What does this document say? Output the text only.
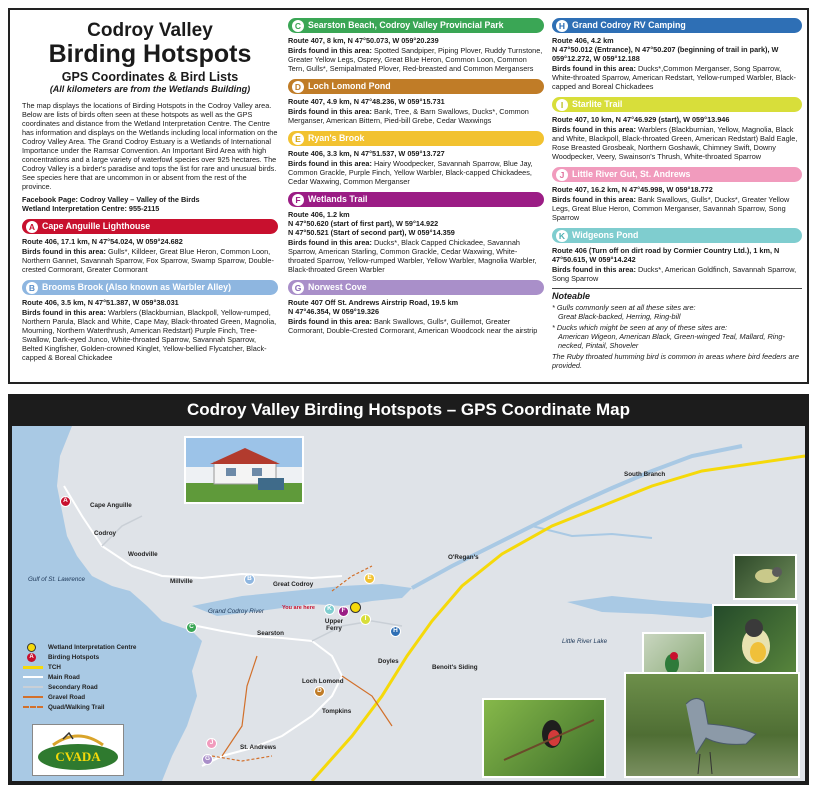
Codroy Valley
Birding Hotspots
GPS Coordinates & Bird Lists
(All kilometers are from the Wetlands Building)
The map displays the locations of Birding Hotspots in the Codroy Valley area. Below are lists of birds often seen at these hotspots as well as the GPS coordinates and distance from the Wetland Interpretation Centre. The Centre has information and displays on the Wetlands including local information on the Codroy Valley Area. The Grand Codroy Estuary is a Wetlands of International Importance under the Ramsar Convention. An Important Bird Area with high concentrations and a large variety of waterfowl species over 925 hectares. The Codroy Valley is a birder's paradise and tops the list for rare and unusual birds. See species here that are uncommon in or absent from the rest of the province.
Facebook Page: Codroy Valley – Valley of the Birds
Wetland Interpretation Centre: 955-2115
A Cape Anguille Lighthouse
Route 406, 17.1 km, N 47°54.024, W 059°24.682
Birds found in this area: Gulls*, Killdeer, Great Blue Heron, Common Loon, Northern Gannet, Savannah Sparrow, Fox Sparrow, Swamp Sparrow, Double-crested Cormorant, Greater Cormorant
B Brooms Brook (Also known as Warbler Alley)
Route 406, 3.5 km, N 47°51.387, W 059°38.031
Birds found in this area: Warblers (Blackburnian, Blackpoll, Yellow-rumped, Northern Parula, Black and White, Cape May, Black-throated Green, Magnolia, Mourning, Northern Waterthrush, American Redstart) Purple Finch, Tree-Swallow, Dark-eyed Junco, White-throated Sparrow, Savannah Sparrow, Belted Kingfisher, Golden-crowned Kinglet, Yellow-bellied Flycatcher, Black-capped & Boreal Chickadee
C Searston Beach, Codroy Valley Provincial Park
Route 407, 8 km, N 47°50.073, W 059°20.239
Birds found in this area: Spotted Sandpiper, Piping Plover, Ruddy Turnstone, Greater Yellow Legs, Osprey, Great Blue Heron, Common Loon, Common Tern, Gulls*, Semipalmated Plover, Red-breasted and Common Mergansers
D Loch Lomond Pond
Route 407, 4.9 km, N 47°48.236, W 059°15.731
Birds found in this area: Bank, Tree, & Barn Swallows, Ducks*, Common Merganser, American Bittern, Pied-bill Grebe, Cedar Waxwings
E Ryan's Brook
Route 406, 3.3 km, N 47°51.537, W 059°13.727
Birds found in this area: Hairy Woodpecker, Savannah Sparrow, Blue Jay, Common Grackle, Purple Finch, Yellow Warbler, Black-capped Chickadees, Cedar Waxwing, Common Merganser
F Wetlands Trail
Route 406, 1.2 km
N 47°50.620 (start of first part), W 59°14.922
N 47°50.521 (Start of second part), W 059°14.359
Birds found in this area: Ducks*, Black Capped Chickadee, Savannah Sparrow, American Starling, Common Grackle, Cedar Waxwing, White-throated Sparrow, Yellow-rumped Warbler, Yellow Warbler, Magnolia Warbler, Black-throated Green Warbler
G Norwest Cove
Route 407 Off St. Andrews Airstrip Road, 19.5 km
N 47°46.354, W 059°19.326
Birds found in this area: Bank Swallows, Gulls*, Guillemot, Greater Cormorant, Double-Crested Cormorant, American Woodcock near the airstrip
H Grand Codroy RV Camping
Route 406, 4.2 km
N 47°50.012 (Entrance), N 47°50.207 (beginning of trail in park), W 059°12.272, W 059°12.188
Birds found in this area: Ducks*,Common Merganser, Song Sparrow, White-throated Sparrow, American Redstart, Yellow-rumped Warbler, Black-capped and Boreal Chickadees
I	Starlite Trail
Route 407, 10 km, N 47°46.929 (start), W 059°13.946
Birds found in this area: Warblers (Blackburnian, Yellow, Magnolia, Black and White, Blackpoll, Black-throated Green, American Redstart) Bald Eagle, Rose Breasted Grosbeak, Northern Goshawk, Chimney Swift, Downy Woodpecker, Veery, Swainson's Thrush, White-throated Sparrow
J Little River Gut, St. Andrews
Route 407, 16.2 km, N 47°45.998, W 059°18.772
Birds found in this area: Bank Swallows, Gulls*, Ducks*, Greater Yellow Legs, Great Blue Heron, Common Merganser, Savannah Sparrow, Song Sparrow
K Widgeons Pond
Route 406 (Turn off on dirt road by Cormier Country Ltd.), 1 km, N 47°50.615, W 059°14.242
Birds found in this area: Ducks*, American Goldfinch, Savannah Sparrow, Song Sparrow
Noteable
* Gulls commonly seen at all these sites are:
Great Black-backed, Herring, Ring-bill
* Ducks which might be seen at any of these sites are:
American Wigeon, American Black, Green-winged Teal, Mallard, Ring-necked, Pintail, Shoveler
The Ruby throated humming bird is common in areas where bird feeders are provided.
Codroy Valley Birding Hotspots – GPS Coordinate Map
Cape Anguille
Codroy
Woodville
Millville	Great Codroy
O'Regan's
South Branch
Searston
Upper Ferry
Doyles
Benoit's Siding
Loch Lomond
Tompkins
St. Andrews
Gulf of St. Lawrence
Grand Codroy River
Little River Lake
You are here
A
B
C
D
E
F
G
H
I
J
K
Wetland Interpretation Centre
A	Birding Hotspots
TCH
Main Road
Secondary Road
Gravel Road
Quad/Walking Trail
CVADA
